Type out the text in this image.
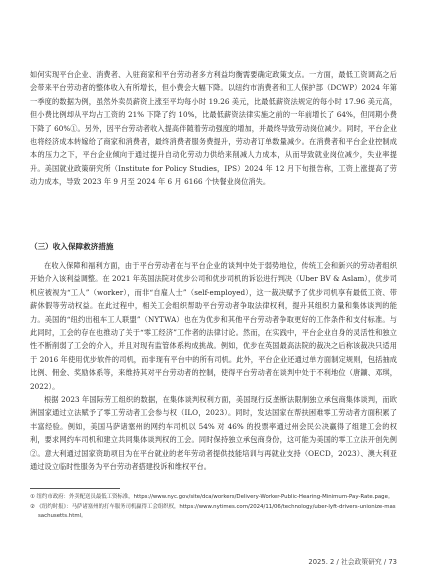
如何实现平台企业、消费者、入驻商家和平台劳动者多方利益均衡需要确定政策支点。一方面，最低工资调高之后会带来平台劳动者的整体收入有所增长，但小费会大幅下降。以纽约市消费者和工人保护部（DCWP）2024 年第一季度的数据为例，虽然外卖员薪资上涨至平均每小时 19.26 美元，比最低薪资法规定的每小时 17.96 美元高，但小费比例却从平均占工资的 21% 下降了约 10%，比最低薪资法律实施之前的一年前增长了 64%，但同期小费下降了 60%①。另外，因平台劳动者收入提高伴随着劳动强度的增加，并最终导致劳动岗位减少。同时，平台企业也将经济成本转嫁给了商家和消费者，最终消费者服务费提升，劳动者订单数量减少。在消费者和平台企业控制成本的压力之下，平台企业倾向于通过提升自动化劳动力供给来削减人力成本，从而导致就业岗位减少，失业率提升。美国就业政策研究所（Institute for Policy Studies，IPS）2024 年 12 月下旬报告称，工资上涨提高了劳动力成本，导致 2023 年 9 月至 2024 年 6 月 6166 个快餐业岗位消失。

（三）收入保障救济措施

在收入保障和福利方面，由于平台劳动者在与平台企业的谈判中处于弱势地位，传统工会和新兴的劳动者组织开始介入该利益调整。在 2021 年英国法院对优步公司和优步司机的诉讼进行判决（Uber BV & Aslam），优步司机应被视为“工人”（worker），而非“自雇人士”（self-employed），这一裁决赋予了优步司机享有最低工资、带薪休假等劳动权益。在此过程中，相关工会组织帮助平台劳动者争取法律权利，提升其组织力量和集体谈判的能力。美国的“纽约出租车工人联盟”（NYTWA）也在为优步和其他平台劳动者争取更好的工作条件和支付标准。与此同时，工会的存在也推动了关于“零工经济”工作者的法律讨论。然而，在实践中，平台企业自身的灵活性和独立性不断削弱了工会的介入，并且对现有监管体系构成挑战。例如，优步在英国最高法院的裁决之后称该裁决只适用于 2016 年使用优步软件的司机，而非现有平台中的所有司机。此外，平台企业还通过单方面制定规则，包括抽成比例、佣金、奖励体系等，来维持其对平台劳动者的控制，使得平台劳动者在谈判中处于不利地位（唐鑛、邓琪，2022）。

根据 2023 年国际劳工组织的数据，在集体谈判权利方面，美国现行反垄断法限制独立承包商集体谈判，而欧洲国家通过立法赋予了零工劳动者工会参与权（ILO，2023）。同时，发达国家在帮扶困难零工劳动者方面积累了丰富经验。例如，美国马萨诸塞州的网约车司机以 54% 对 46% 的投票率通过州会民公决赢得了组建工会的权利，要求网约车司机和建立共同集体谈判权的工会。同时保持独立承包商身份，这可能为美国的零工立法开创先例②。意大利通过国家资助项目为在平台就业的老年劳动者提供技能培训与再就业支持（OECD，2023）、澳大利亚通过设立临时性服务为平台劳动者搭建投诉和维权平台。

① 纽约市政府：外卖配送员最低工资标准，https://www.nyc.gov/site/dca/workers/Delivery-Worker-Public-Hearing-Minimum-Pay-Rate.page。

② 《纽约时报》：马萨诸塞州的打车服务司机赢得工会组织权，https://www.nytimes.com/2024/11/06/technology/uber-lyft-drivers-unionize-massachusetts.html。

2025. 2 / 社会政策研究 / 73
